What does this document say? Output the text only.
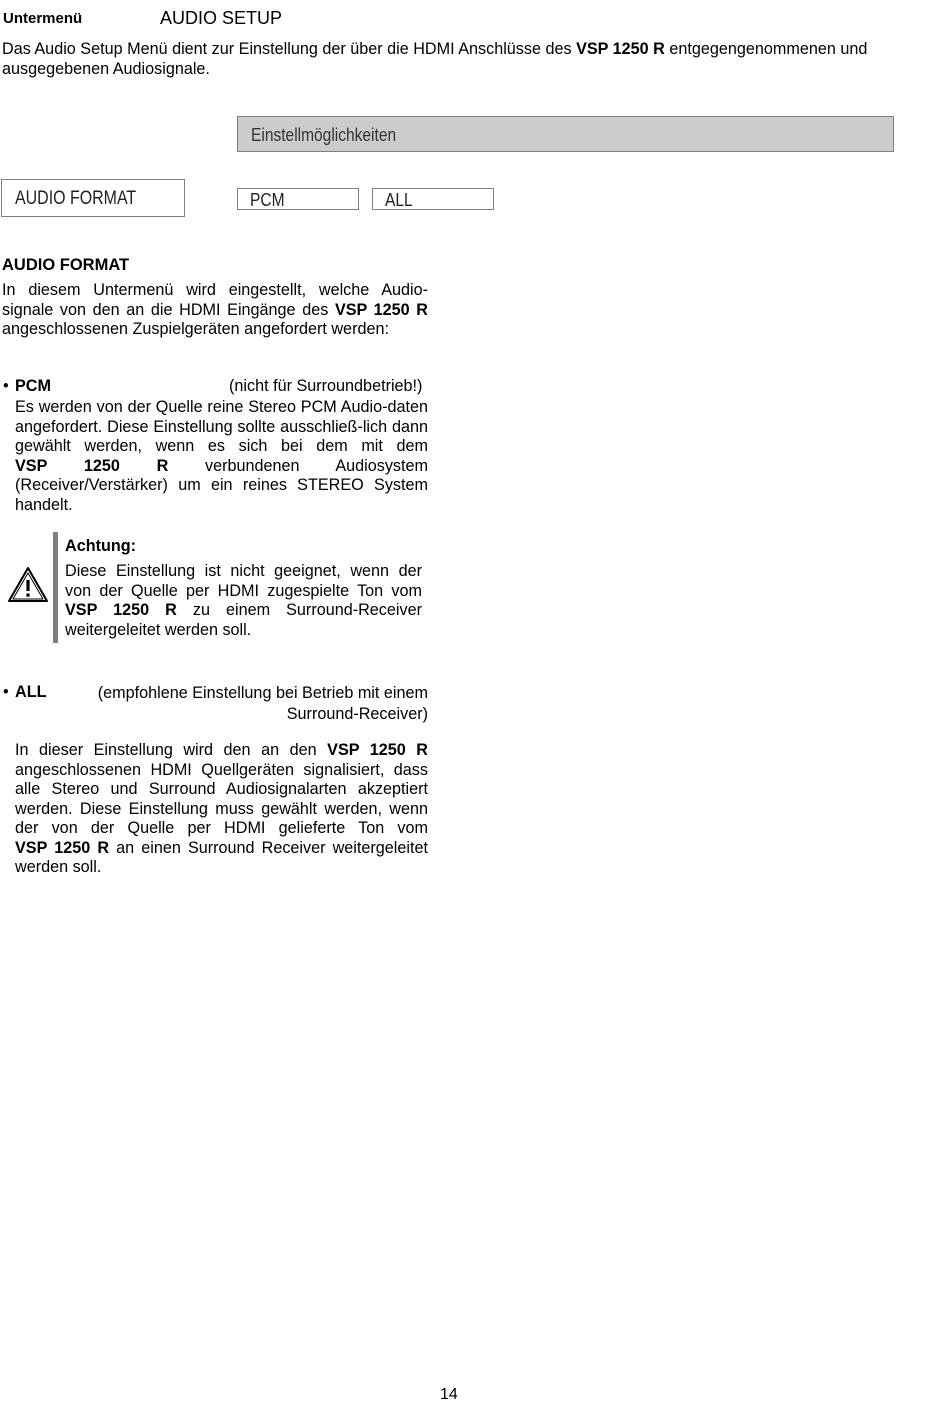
Untermenü	AUDIO SETUP
Das Audio Setup Menü dient zur Einstellung der über die HDMI Anschlüsse des VSP 1250 R entgegengenommenen und ausgegebenen Audiosignale.
Einstellmöglichkeiten
AUDIO FORMAT	PCM	ALL
AUDIO FORMAT
In diesem Untermenü wird eingestellt, welche Audio-signale von den an die HDMI Eingänge des VSP 1250 R angeschlossenen Zuspielgeräten angefordert werden:
• PCM	(nicht für Surroundbetrieb!)
Es werden von der Quelle reine Stereo PCM Audio-daten angefordert. Diese Einstellung sollte ausschließ-lich dann gewählt werden, wenn es sich bei dem mit dem VSP 1250 R verbundenen Audiosystem (Receiver/Verstärker) um ein reines STEREO System handelt.
Achtung:
Diese Einstellung ist nicht geeignet, wenn der von der Quelle per HDMI zugespielte Ton vom VSP 1250 R zu einem Surround-Receiver weitergeleitet werden soll.
• ALL	(empfohlene Einstellung bei Betrieb mit einem
Surround-Receiver)
In dieser Einstellung wird den an den VSP 1250 R angeschlossenen HDMI Quellgeräten signalisiert, dass alle Stereo und Surround Audiosignalarten akzeptiert werden. Diese Einstellung muss gewählt werden, wenn der von der Quelle per HDMI gelieferte Ton vom VSP 1250 R an einen Surround Receiver weitergeleitet werden soll.
14
